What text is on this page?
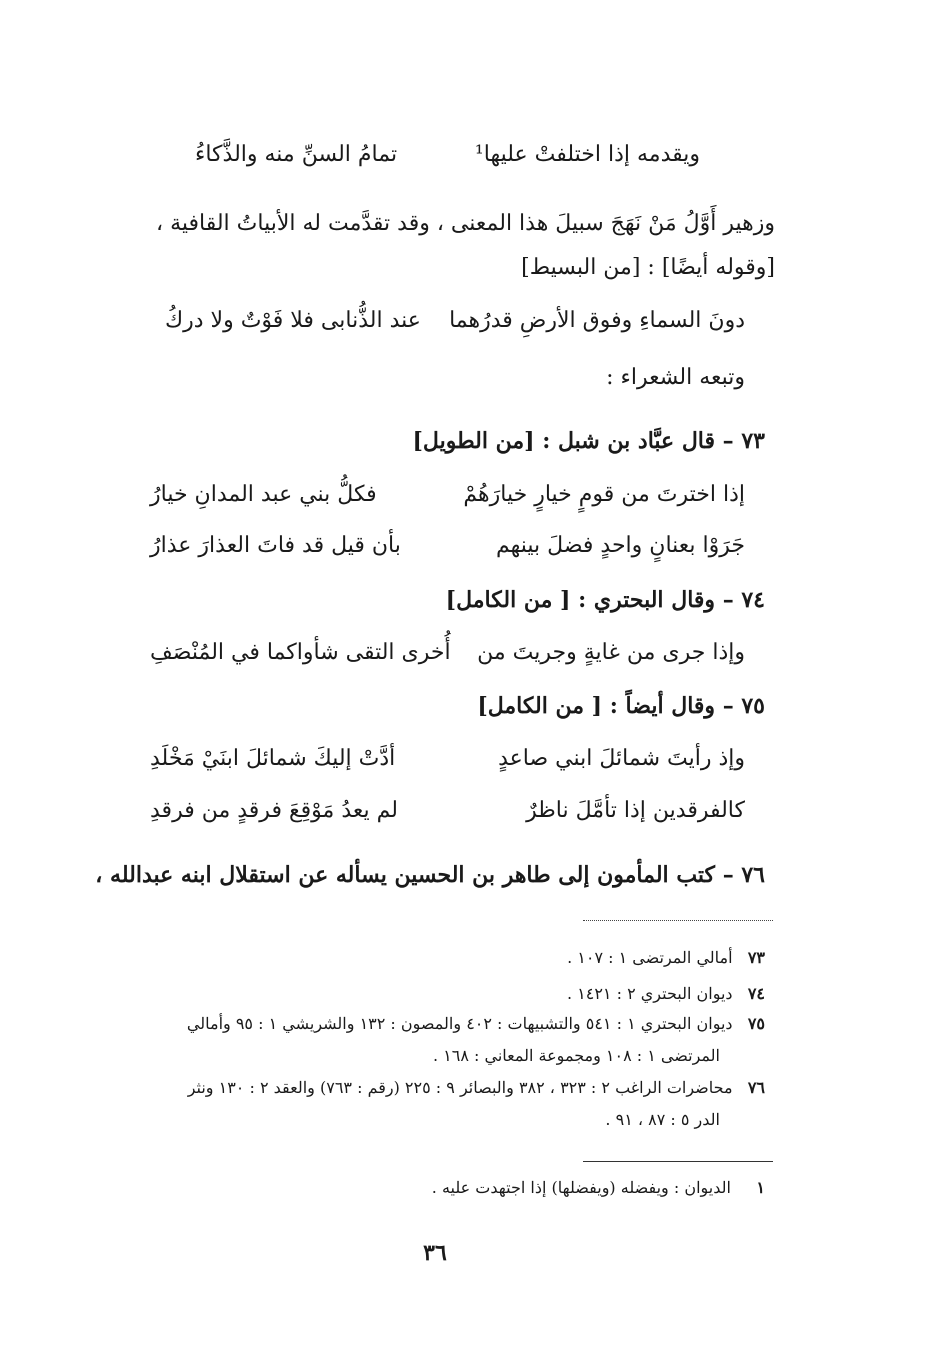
ويقدمه إذا اختلفتْ عليها¹
تمامُ السنِّ منه والذَّكاءُ
وزهير أَوَّلُ مَنْ نَهَجَ سبيلَ هذا المعنى ، وقد تقدَّمت له الأبياتُ القافية ،
[وقوله أيضًا] : [من البسيط]
دونَ السماءِ وفوق الأرضِ قدرُهما
عند الذُّنابى فلا فَوْتٌ ولا دركُ
وتبعه الشعراء :
٧٣ – قال عبَّاد بن شبل : [من الطويل]
إذا اخترتَ من قومٍ خيارٍ خيارَهُمْ
فكلُّ بني عبد المدانِ خيارُ
جَرَوْا بعنانٍ واحدٍ فضلَ بينهم
بأن قيل قد فاتَ العذارَ عذارُ
٧٤ – وقال البحتري : [ من الكامل]
وإذا جرى من غايةٍ وجريتَ من
أُخرى التقى شأواكما في المُنْصَفِ
٧٥ – وقال أيضاً : [ من الكامل]
وإذ رأيتَ شمائلَ ابني صاعدٍ
أدَّتْ إليكَ شمائلَ ابنَيْ مَخْلَدِ
كالفرقدين إذا تأمَّلَ ناظرٌ
لم يعدُ مَوْقِعَ فرقدٍ من فرقدِ
٧٦ – كتب المأمون إلى طاهر بن الحسين يسأله عن استقلال ابنه عبدالله ،
٧٣   أمالي المرتضى ١ : ١٠٧ .
٧٤   ديوان البحتري ٢ : ١٤٢١ .
٧٥   ديوان البحتري ١ : ٥٤١ والتشبيهات : ٤٠٢ والمصون : ١٣٢ والشريشي ١ : ٩٥ وأمالي
المرتضى ١ : ١٠٨ ومجموعة المعاني : ١٦٨ .
٧٦   محاضرات الراغب ٢ : ٣٢٣ ، ٣٨٢ والبصائر ٩ : ٢٢٥ (رقم : ٧٦٣) والعقد ٢ : ١٣٠ ونثر
الدر ٥ : ٨٧ ، ٩١ .
١     الديوان : ويفضله (ويفضلها) إذا اجتهدت عليه .
٣٦
